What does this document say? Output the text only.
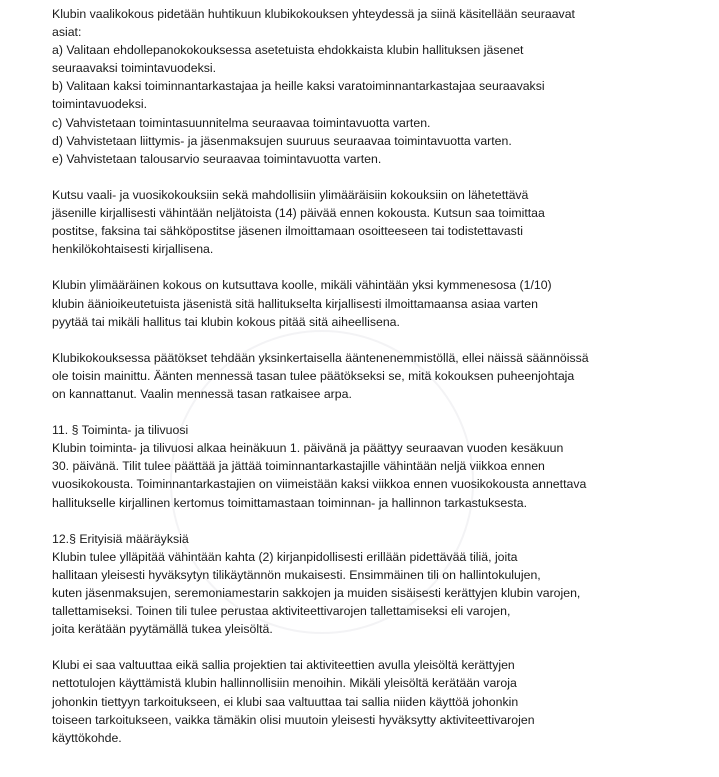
Klubin vaalikokous pidetään huhtikuun klubikokouksen yhteydessä ja siinä käsitellään seuraavat
asiat:
a) Valitaan ehdollepanokokouksessa asetetuista ehdokkaista klubin hallituksen jäsenet
seuraavaksi toimintavuodeksi.
b) Valitaan kaksi toiminnantarkastajaa ja heille kaksi varatoiminnantarkastajaa seuraavaksi
toimintavuodeksi.
c) Vahvistetaan toimintasuunnitelma seuraavaa toimintavuotta varten.
d) Vahvistetaan liittymis- ja jäsenmaksujen suuruus seuraavaa toimintavuotta varten.
e) Vahvistetaan talousarvio seuraavaa toimintavuotta varten.
Kutsu vaali- ja vuosikokouksiin sekä mahdollisiin ylimääräisiin kokouksiin on lähetettävä
jäsenille kirjallisesti vähintään neljätoista (14) päivää ennen kokousta. Kutsun saa toimittaa
postitse, faksina tai sähköpostitse jäsenen ilmoittamaan osoitteeseen tai todistettavasti
henkilökohtaisesti kirjallisena.
Klubin ylimääräinen kokous on kutsuttava koolle, mikäli vähintään yksi kymmenesosa (1/10)
klubin äänioikeutetuista jäsenistä sitä hallitukselta kirjallisesti ilmoittamaansa asiaa varten
pyytää tai mikäli hallitus tai klubin kokous pitää sitä aiheellisena.
Klubikokouksessa päätökset tehdään yksinkertaisella ääntenenemmistöllä, ellei näissä säännöissä
ole toisin mainittu. Äänten mennessä tasan tulee päätökseksi se, mitä kokouksen puheenjohtaja
on kannattanut. Vaalin mennessä tasan ratkaisee arpa.
11. § Toiminta- ja tilivuosi
Klubin toiminta- ja tilivuosi alkaa heinäkuun 1. päivänä ja päättyy seuraavan vuoden kesäkuun
30. päivänä. Tilit tulee päättää ja jättää toiminnantarkastajille vähintään neljä viikkoa ennen
vuosikokousta. Toiminnantarkastajien on viimeistään kaksi viikkoa ennen vuosikokousta annettava
hallitukselle kirjallinen kertomus toimittamastaan toiminnan- ja hallinnon tarkastuksesta.
12.§ Erityisiä määräyksiä
Klubin tulee ylläpitää vähintään kahta (2) kirjanpidollisesti erillään pidettävää tiliä, joita
hallitaan yleisesti hyväksytyn tilikäytännön mukaisesti. Ensimmäinen tili on hallintokulujen,
kuten jäsenmaksujen, seremoniamestarin sakkojen ja muiden sisäisesti kerättyjen klubin varojen,
tallettamiseksi. Toinen tili tulee perustaa aktiviteettivarojen tallettamiseksi eli varojen,
joita kerätään pyytämällä tukea yleisöltä.
Klubi ei saa valtuuttaa eikä sallia projektien tai aktiviteettien avulla yleisöltä kerättyjen
nettotulojen käyttämistä klubin hallinnollisiin menoihin. Mikäli yleisöltä kerätään varoja
johonkin tiettyyn tarkoitukseen, ei klubi saa valtuuttaa tai sallia niiden käyttöä johonkin
toiseen tarkoitukseen, vaikka tämäkin olisi muutoin yleisesti hyväksytty aktiviteettivarojen
käyttökohde.
